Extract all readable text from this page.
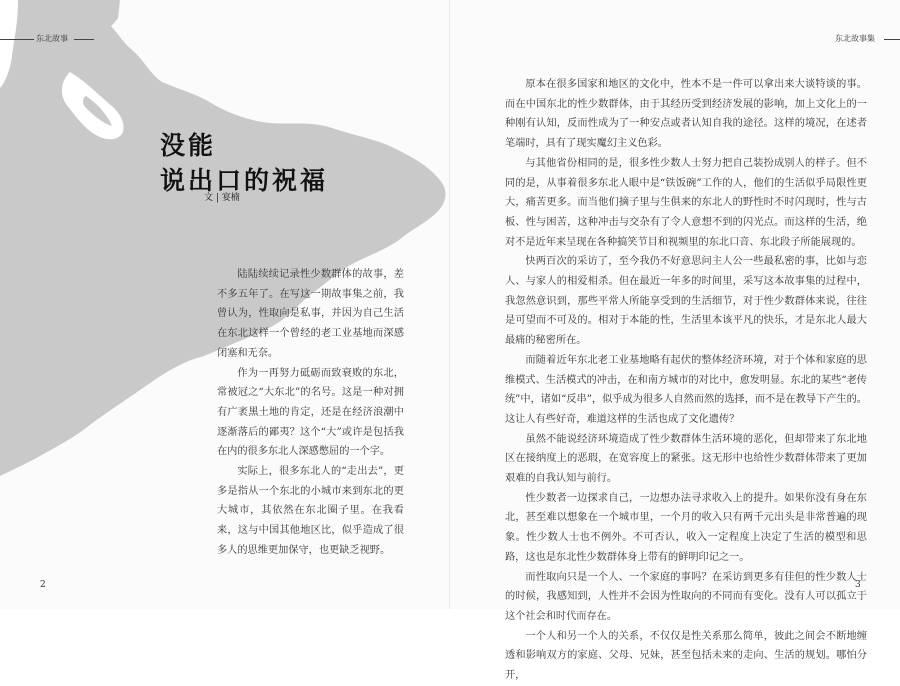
东北故事
没能
说出口的祝福
文 | 宴楠

陆陆续续记录性少数群体的故事，差不多五年了。在写这一期故事集之前，我曾认为，性取向是私事，并因为自己生活在东北这样一个曾经的老工业基地而深感闭塞和无奈。

作为一再努力砥砺而致衰败的东北，常被冠之“大东北”的名号。这是一种对拥有广袤黑土地的肯定，还是在经济浪潮中逐渐落后的鄙夷？这个“大”或许是包括我在内的很多东北人深感憋屈的一个字。

实际上，很多东北人的“走出去”，更多是指从一个东北的小城市来到东北的更大城市，其依然在东北圈子里。在我看来，这与中国其他地区比，似乎造成了很多人的思维更加保守，也更缺乏视野。

2
东北故事集

原本在很多国家和地区的文化中，性本不是一件可以拿出来大谈特谈的事。而在中国东北的性少数群体，由于其经历受到经济发展的影响，加上文化上的一种刚有认知，反而性成为了一种安点或者认知自我的途径。这样的境况，在述者笔端时，具有了现实魔幻主义色彩。

与其他省份相同的是，很多性少数人士努力把自己装扮成别人的样子。但不同的是，从事着很多东北人眼中是“铁饭碗”工作的人，他们的生活似乎局限性更大，痛苦更多。而当他们摘子里与生俱来的东北人的野性时不时闪现时，性与古板、性与困苦，这种冲击与交杂有了令人意想不到的闪光点。而这样的生活，绝对不是近年来呈现在各种搞笑节目和视频里的东北口音、东北段子所能展现的。

快两百次的采访了，至今我仍不好意思问主人公一些最私密的事，比如与恋人、与家人的相爱相杀。但在最近一年多的时间里，采写这本故事集的过程中，我忽然意识到，那些平常人所能享受到的生活细节，对于性少数群体来说，往往是可望而不可及的。相对于本能的性，生活里本该平凡的快乐，才是东北人最大最痛的秘密所在。

而随着近年东北老工业基地略有起伏的整体经济环境，对于个体和家庭的思维模式、生活模式的冲击，在和南方城市的对比中，愈发明显。东北的某些“老传统”中，诸如“反串”，似乎成为很多人自然而然的选择，而不是在教导下产生的。这让人有些好奇，难道这样的生活也成了文化遗传？

虽然不能说经济环境造成了性少数群体生活环境的恶化，但却带来了东北地区在接纳度上的恶瑕，在宽容度上的紧张。这无形中也给性少数群体带来了更加艰难的自我认知与前行。

性少数者一边探求自己，一边想办法寻求收入上的提升。如果你没有身在东北，甚至难以想象在一个城市里，一个月的收入只有两千元出头是非常普遍的现象。性少数人士也不例外。不可否认，收入一定程度上决定了生活的模型和思路，这也是东北性少数群体身上带有的鲜明印记之一。

而性取向只是一个人、一个家庭的事吗？在采访到更多有佳但的性少数人士的时候，我感知到，人性并不会因为性取向的不同而有变化。没有人可以孤立于这个社会和时代而存在。

一个人和另一个人的关系，不仅仅是性关系那么简单，彼此之间会不断地缠透和影响双方的家庭、父母、兄妹，甚至包括未来的走向、生活的规划。哪怕分开，

3
